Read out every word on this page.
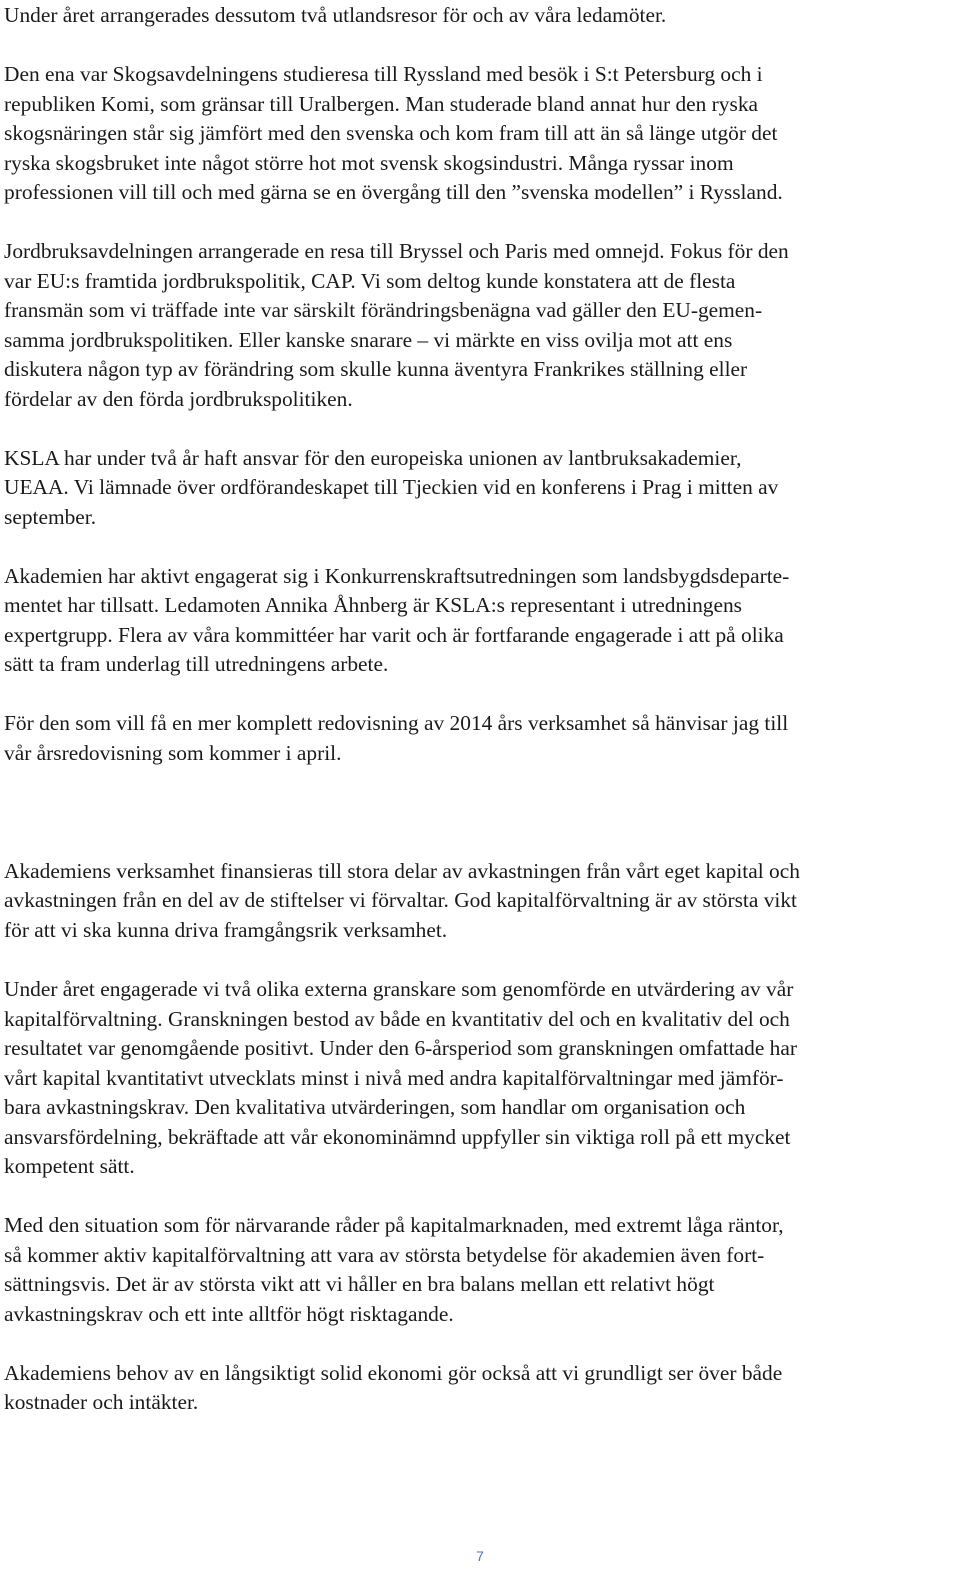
Under året arrangerades dessutom två utlandsresor för och av våra ledamöter.

Den ena var Skogsavdelningens studieresa till Ryssland med besök i S:t Petersburg och i

republiken Komi, som gränsar till Uralbergen. Man studerade bland annat hur den ryska

skogsnäringen står sig jämfört med den svenska och kom fram till att än så länge utgör det

ryska skogsbruket inte något större hot mot svensk skogsindustri. Många ryssar inom

professionen vill till och med gärna se en övergång till den ”svenska modellen” i Ryssland.

Jordbruksavdelningen arrangerade en resa till Bryssel och Paris med omnejd. Fokus för den

var EU:s framtida jordbrukspolitik, CAP. Vi som deltog kunde konstatera att de flesta

fransmän som vi träffade inte var särskilt förändringsbenägna vad gäller den EU-gemen-

samma jordbrukspolitiken. Eller kanske snarare – vi märkte en viss ovilja mot att ens

diskutera någon typ av förändring som skulle kunna äventyra Frankrikes ställning eller

fördelar av den förda jordbrukspolitiken.

KSLA har under två år haft ansvar för den europeiska unionen av lantbruksakademier,

UEAA. Vi lämnade över ordförandeskapet till Tjeckien vid en konferens i Prag i mitten av

september.

Akademien har aktivt engagerat sig i Konkurrenskraftsutredningen som landsbygdsdeparte-

mentet har tillsatt. Ledamoten Annika Åhnberg är KSLA:s representant i utredningens

expertgrupp. Flera av våra kommittéer har varit och är fortfarande engagerade i att på olika

sätt ta fram underlag till utredningens arbete.

För den som vill få en mer komplett redovisning av 2014 års verksamhet så hänvisar jag till

vår årsredovisning som kommer i april.

Akademiens verksamhet finansieras till stora delar av avkastningen från vårt eget kapital och

avkastningen från en del av de stiftelser vi förvaltar. God kapitalförvaltning är av största vikt

för att vi ska kunna driva framgångsrik verksamhet.

Under året engagerade vi två olika externa granskare som genomförde en utvärdering av vår

kapitalförvaltning. Granskningen bestod av både en kvantitativ del och en kvalitativ del och

resultatet var genomgående positivt. Under den 6-årsperiod som granskningen omfattade har

vårt kapital kvantitativt utvecklats minst i nivå med andra kapitalförvaltningar med jämför-

bara avkastningskrav. Den kvalitativa utvärderingen, som handlar om organisation och

ansvarsfördelning, bekräftade att vår ekonominämnd uppfyller sin viktiga roll på ett mycket

kompetent sätt.

Med den situation som för närvarande råder på kapitalmarknaden, med extremt låga räntor,

så kommer aktiv kapitalförvaltning att vara av största betydelse för akademien även fort-

sättningsvis. Det är av största vikt att vi håller en bra balans mellan ett relativt högt

avkastningskrav och ett inte alltför högt risktagande.

Akademiens behov av en långsiktigt solid ekonomi gör också att vi grundligt ser över både

kostnader och intäkter.

7
